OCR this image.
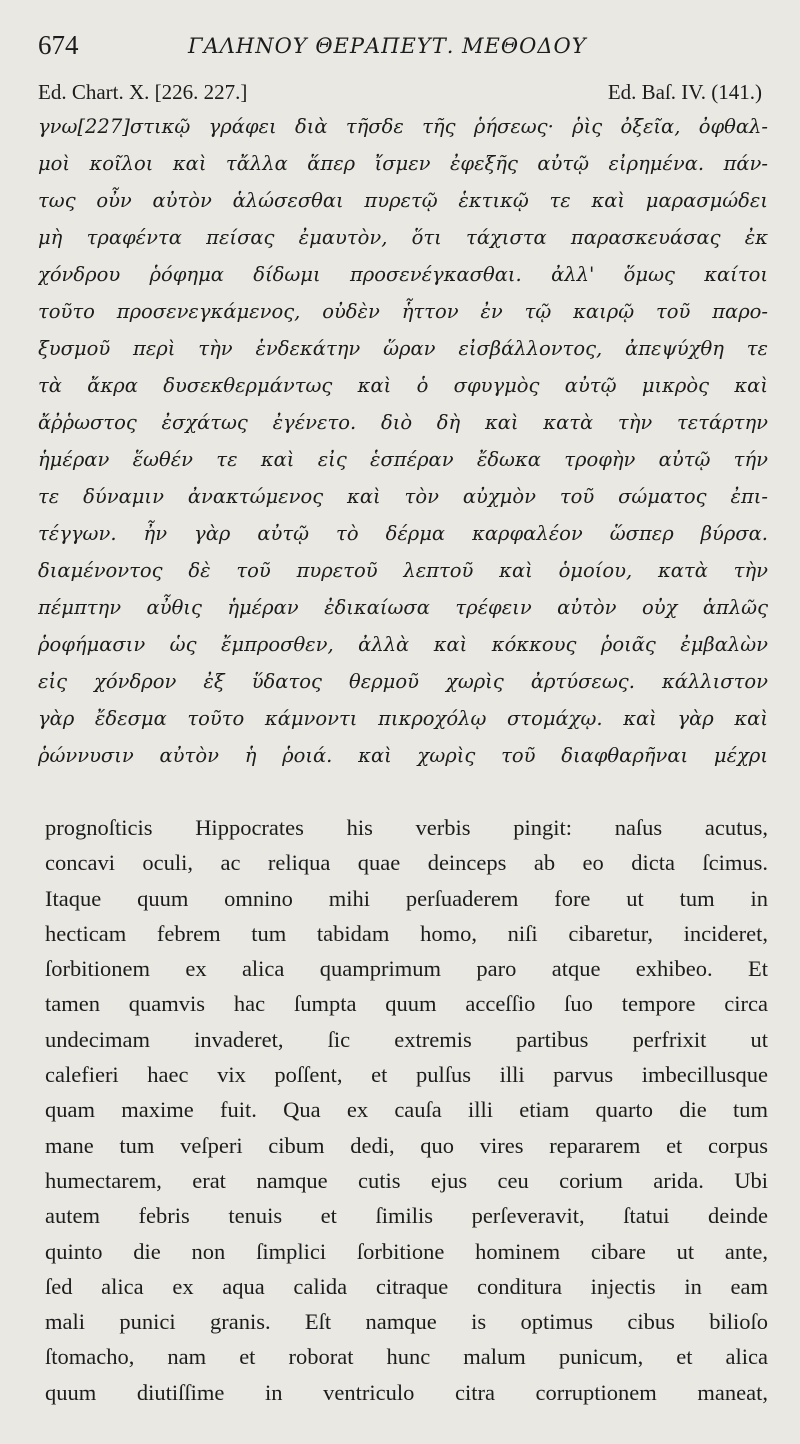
674	ΓΑΛΗΝΟΥ ΘΕΡΑΠΕΥΤ. ΜΕΘΟΔΟΥ
Ed. Chart. X. [226. 227.]	Ed. Baſ. IV. (141.)
γνω[227]στικῷ γράφει διὰ τῆσδε τῆς ῥήσεως· ῥὶς ὀξεῖα, ὀφθαλ-
μοὶ κοῖλοι καὶ τἄλλα ἅπερ ἴσμεν ἐφεξῆς αὐτῷ εἰρημένα. πάν-
τως οὖν αὐτὸν ἁλώσεσθαι πυρετῷ ἑκτικῷ τε καὶ μαρασμώδει
μὴ τραφέντα πείσας ἐμαυτὸν, ὅτι τάχιστα παρασκευάσας ἐκ
χόνδρου ῥόφημα δίδωμι προσενέγκασθαι. ἀλλ' ὅμως καίτοι
τοῦτο προσενεγκάμενος, οὐδὲν ἧττον ἐν τῷ καιρῷ τοῦ παρο-
ξυσμοῦ περὶ τὴν ἑνδεκάτην ὥραν εἰσβάλλοντος, ἀπεψύχθη τε
τὰ ἄκρα δυσεκθερμάντως καὶ ὁ σφυγμὸς αὐτῷ μικρὸς καὶ
ἄῤῥωστος ἐσχάτως ἐγένετο. διὸ δὴ καὶ κατὰ τὴν τετάρτην
ἡμέραν ἕωθέν τε καὶ εἰς ἑσπέραν ἔδωκα τροφὴν αὐτῷ τήν
τε δύναμιν ἀνακτώμενος καὶ τὸν αὐχμὸν τοῦ σώματος ἐπι-
τέγγων. ἦν γὰρ αὐτῷ τὸ δέρμα καρφαλέον ὥσπερ βύρσα.
διαμένοντος δὲ τοῦ πυρετοῦ λεπτοῦ καὶ ὁμοίου, κατὰ τὴν
πέμπτην αὖθις ἡμέραν ἐδικαίωσα τρέφειν αὐτὸν οὐχ ἁπλῶς
ῥοφήμασιν ὡς ἔμπροσθεν, ἀλλὰ καὶ κόκκους ῥοιᾶς ἐμβαλὼν
εἰς χόνδρον ἐξ ὕδατος θερμοῦ χωρὶς ἀρτύσεως. κάλλιστον
γὰρ ἔδεσμα τοῦτο κάμνοντι πικροχόλῳ στομάχῳ. καὶ γὰρ καὶ
ῥώννυσιν αὐτὸν ἡ ῥοιά. καὶ χωρὶς τοῦ διαφθαρῆναι μέχρι
prognoſticis Hippocrates his verbis pingit: naſus acutus,
concavi oculi, ac reliqua quae deinceps ab eo dicta ſcimus.
Itaque quum omnino mihi perſuaderem fore ut tum in
hecticam febrem tum tabidam homo, niſi cibaretur, incideret,
ſorbitionem ex alica quamprimum paro atque exhibeo. Et
tamen quamvis hac ſumpta quum acceſſio ſuo tempore circa
undecimam invaderet, ſic extremis partibus perfrixit ut
calefieri haec vix poſſent, et pulſus illi parvus imbecillusque
quam maxime fuit. Qua ex cauſa illi etiam quarto die tum
mane tum veſperi cibum dedi, quo vires repararem et corpus
humectarem, erat namque cutis ejus ceu corium arida. Ubi
autem febris tenuis et ſimilis perſeveravit, ſtatui deinde
quinto die non ſimplici ſorbitione hominem cibare ut ante,
ſed alica ex aqua calida citraque conditura injectis in eam
mali punici granis. Eſt namque is optimus cibus bilioſo
ſtomacho, nam et roborat hunc malum punicum, et alica
quum diutiſſime in ventriculo citra corruptionem maneat,
